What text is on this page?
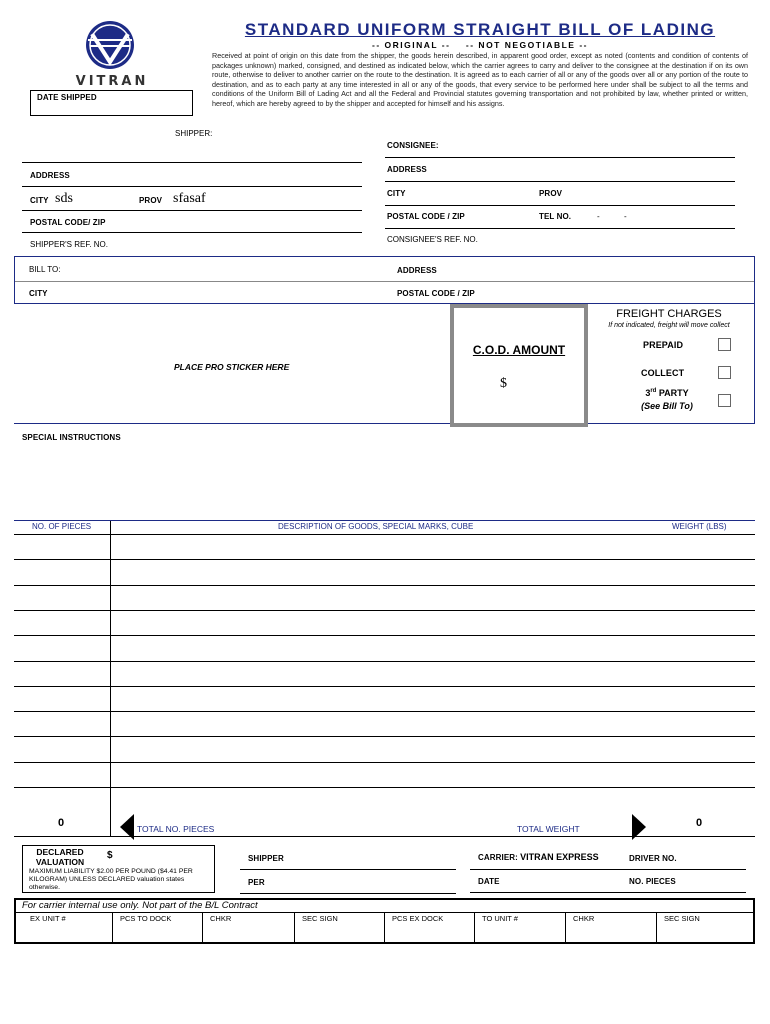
VITRAN
DATE SHIPPED
STANDARD UNIFORM STRAIGHT BILL OF LADING
-- ORIGINAL --    -- NOT NEGOTIABLE --
Received at point of origin on this date from the shipper, the goods herein described, in apparent good order, except as noted (contents and condition of contents of packages unknown) marked, consigned, and destined as indicated below, which the carrier agrees to carry and deliver to the consignee at the destination if on its own route, otherwise to deliver to another carrier on the route to the destination. It is agreed as to each carrier of all or any of the goods over all or any portion of the route to destination, and as to each party at any time interested in all or any of the goods, that every service to be performed here under shall be subject to all the terms and conditions of the Uniform Bill of Lading Act and all the Federal and Provincial statutes governing transportation and not prohibited by law, whether printed or written, hereof, which are hereby agreed to by the shipper and accepted for himself and his assigns.
SHIPPER:
ADDRESS
CITY sds	PROV sfasaf
POSTAL CODE/ ZIP
SHIPPER'S REF. NO.
CONSIGNEE:
ADDRESS
CITY	PROV
POSTAL CODE / ZIP	TEL NO.	-	-
CONSIGNEE'S REF. NO.
BILL TO:	ADDRESS
CITY	POSTAL CODE / ZIP
PLACE PRO STICKER HERE
C.O.D. AMOUNT
$
FREIGHT CHARGES
If not indicated, freight will move collect
PREPAID
COLLECT
3rd PARTY
(See Bill To)
SPECIAL INSTRUCTIONS
NO. OF PIECES	DESCRIPTION OF GOODS, SPECIAL MARKS, CUBE	WEIGHT (LBS)
0	TOTAL NO. PIECES	TOTAL WEIGHT	0
DECLARED
VALUATION
$
MAXIMUM LIABILITY $2.00 PER POUND ($4.41 PER KILOGRAM) UNLESS DECLARED valuation states otherwise.
SHIPPER
PER
CARRIER: VITRAN EXPRESS	DRIVER NO.
DATE	NO. PIECES
For carrier internal use only. Not part of the B/L Contract
EX UNIT #	PCS TO DOCK	CHKR	SEC SIGN	PCS EX DOCK	TO UNIT #	CHKR	SEC SIGN
